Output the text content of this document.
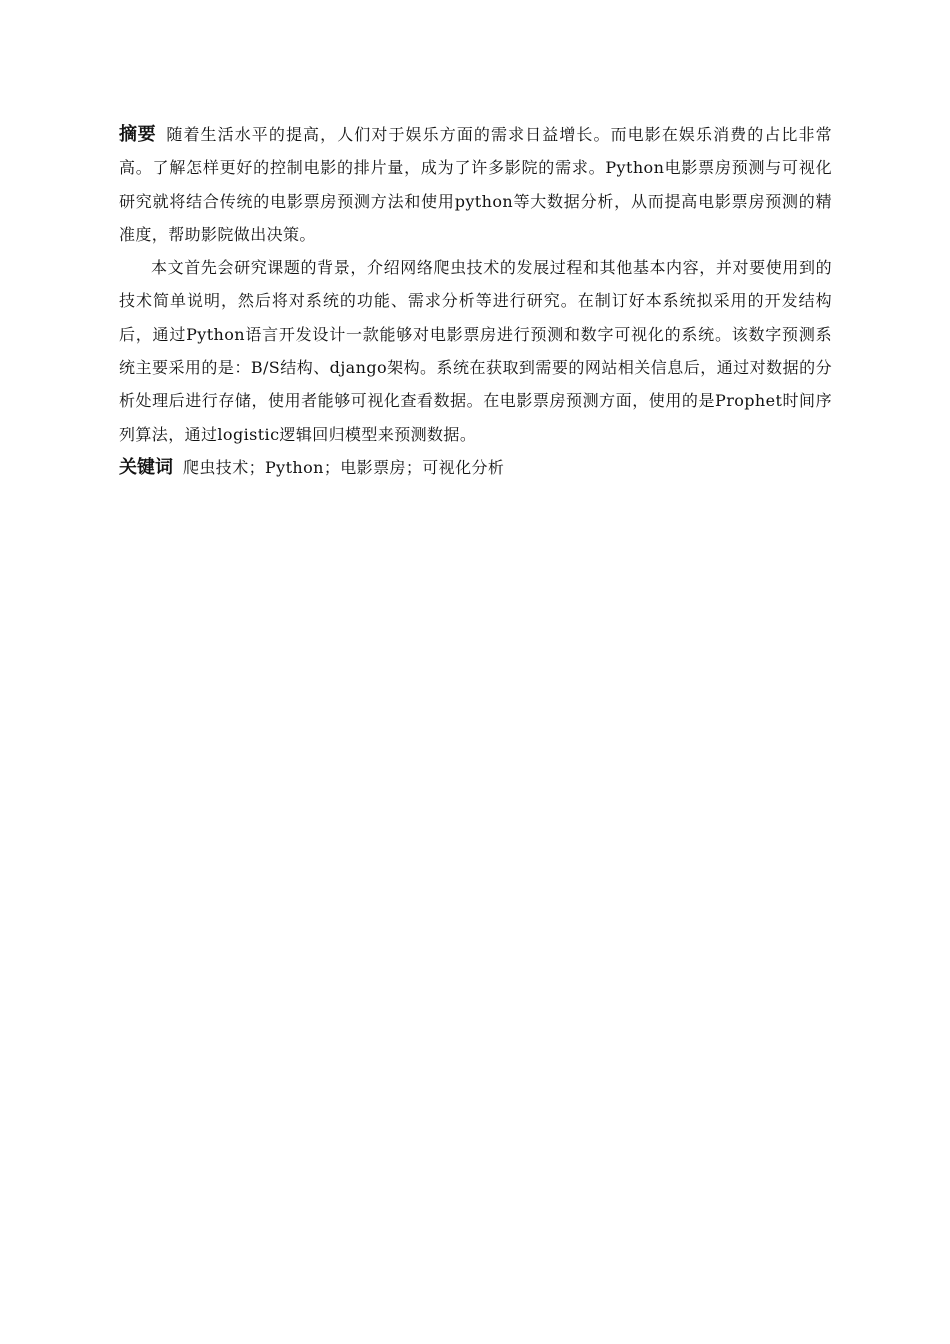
摘要 随着生活水平的提高，人们对于娱乐方面的需求日益增长。而电影在娱乐消费的占比非常高。了解怎样更好的控制电影的排片量，成为了许多影院的需求。Python电影票房预测与可视化研究就将结合传统的电影票房预测方法和使用python等大数据分析，从而提高电影票房预测的精准度，帮助影院做出决策。

本文首先会研究课题的背景，介绍网络爬虫技术的发展过程和其他基本内容，并对要使用到的技术简单说明，然后将对系统的功能、需求分析等进行研究。在制订好本系统拟采用的开发结构后，通过Python语言开发设计一款能够对电影票房进行预测和数字可视化的系统。该数字预测系统主要采用的是：B/S结构、django架构。系统在获取到需要的网站相关信息后，通过对数据的分析处理后进行存储，使用者能够可视化查看数据。在电影票房预测方面，使用的是Prophet时间序列算法，通过logistic逻辑回归模型来预测数据。

关键词 爬虫技术；Python；电影票房；可视化分析
